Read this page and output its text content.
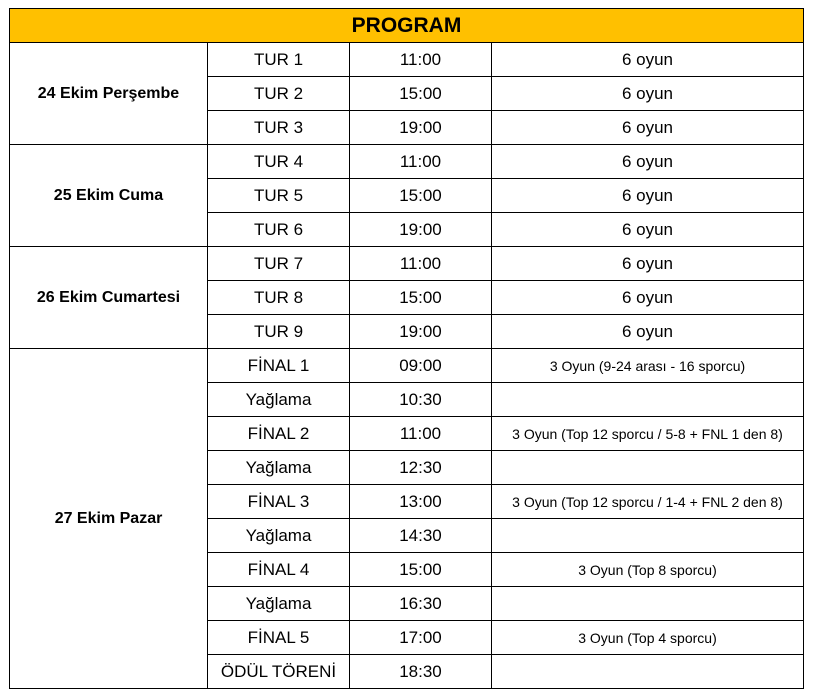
PROGRAM			
24 Ekim Perşembe	TUR 1	11:00	6 oyun
	TUR 2	15:00	6 oyun
	TUR 3	19:00	6 oyun
25 Ekim Cuma	TUR 4	11:00	6 oyun
	TUR 5	15:00	6 oyun
	TUR 6	19:00	6 oyun
26 Ekim Cumartesi	TUR 7	11:00	6 oyun
	TUR 8	15:00	6 oyun
	TUR 9	19:00	6 oyun
27 Ekim Pazar	FİNAL 1	09:00	3 Oyun (9-24 arası - 16 sporcu)
	Yağlama	10:30	
	FİNAL 2	11:00	3 Oyun (Top 12 sporcu / 5-8 + FNL 1 den 8)
	Yağlama	12:30	
	FİNAL 3	13:00	3 Oyun (Top 12 sporcu / 1-4 + FNL 2 den 8)
	Yağlama	14:30	
	FİNAL 4	15:00	3 Oyun (Top 8 sporcu)
	Yağlama	16:30	
	FİNAL 5	17:00	3 Oyun (Top 4 sporcu)
	ÖDÜL TÖRENİ	18:30	
